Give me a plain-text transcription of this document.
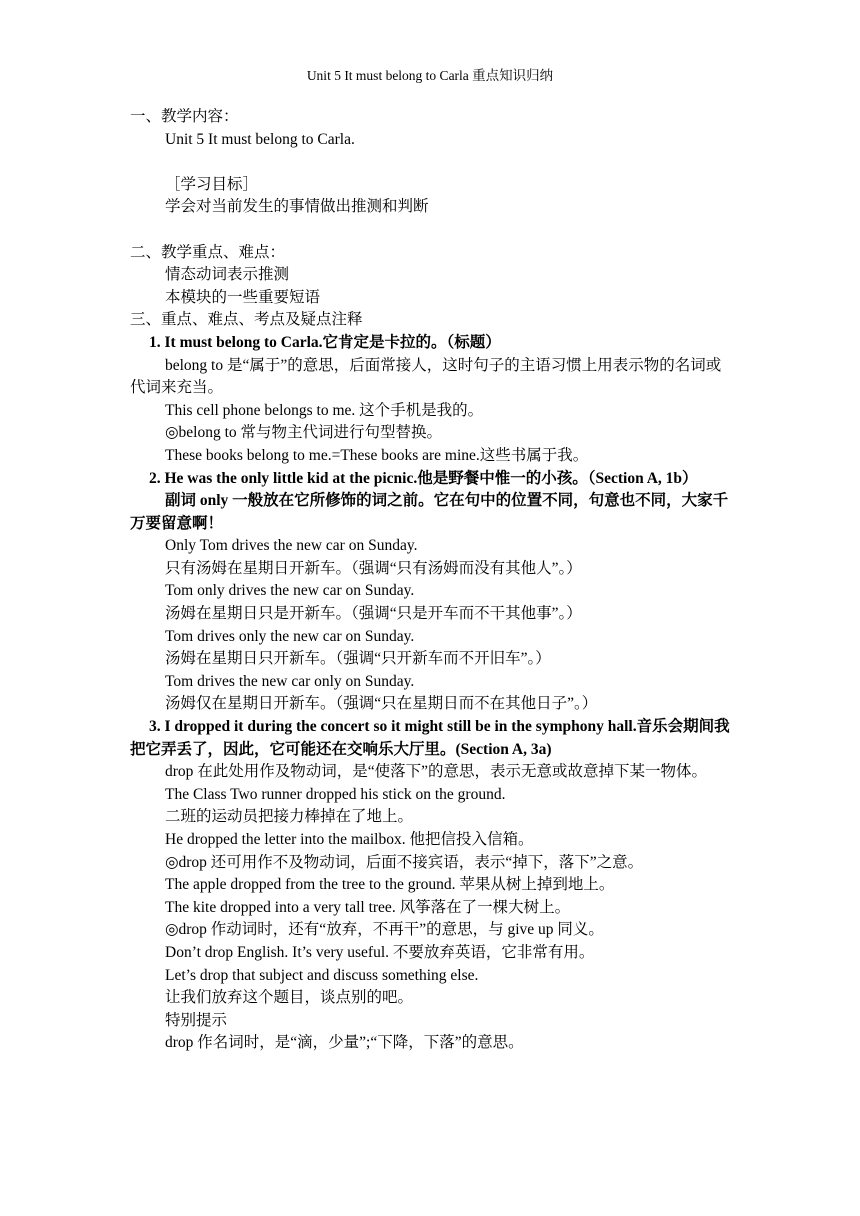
Unit 5 It must belong to Carla 重点知识归纳
一、教学内容：
Unit 5 It must belong to Carla.
［学习目标］
学会对当前发生的事情做出推测和判断
二、教学重点、难点：
情态动词表示推测
本模块的一些重要短语
三、重点、难点、考点及疑点注释
1. It must belong to Carla.它肯定是卡拉的。（标题）
belong to 是“属于”的意思，后面常接人，这时句子的主语习惯上用表示物的名词或代词来充当。
This cell phone belongs to me. 这个手机是我的。
◎belong to 常与物主代词进行句型替换。
These books belong to me.=These books are mine.这些书属于我。
2. He was the only little kid at the picnic.他是野餐中惟一的小孩。（Section A, 1b）
副词 only 一般放在它所修饰的词之前。它在句中的位置不同，句意也不同，大家千万要留意啊！
Only Tom drives the new car on Sunday.
只有汤姆在星期日开新车。（强调“只有汤姆而没有其他人”。）
Tom only drives the new car on Sunday.
汤姆在星期日只是开新车。（强调“只是开车而不干其他事”。）
Tom drives only the new car on Sunday.
汤姆在星期日只开新车。（强调“只开新车而不开旧车”。）
Tom drives the new car only on Sunday.
汤姆仅在星期日开新车。（强调“只在星期日而不在其他日子”。）
3. I dropped it during the concert so it might still be in the symphony hall.音乐会期间我把它弄丢了，因此，它可能还在交响乐大厅里。(Section A, 3a)
drop 在此处用作及物动词，是“使落下”的意思，表示无意或故意掉下某一物体。
The Class Two runner dropped his stick on the ground.
二班的运动员把接力棒掉在了地上。
He dropped the letter into the mailbox. 他把信投入信箱。
◎drop 还可用作不及物动词，后面不接宾语，表示“掉下，落下”之意。
The apple dropped from the tree to the ground. 苹果从树上掉到地上。
The kite dropped into a very tall tree. 风筝落在了一棵大树上。
◎drop 作动词时，还有“放弃，不再干”的意思，与 give up 同义。
Don’t drop English. It’s very useful. 不要放弃英语，它非常有用。
Let’s drop that subject and discuss something else.
让我们放弃这个题目，谈点别的吧。
特别提示
drop 作名词时，是“滴，少量”;“下降，下落”的意思。
